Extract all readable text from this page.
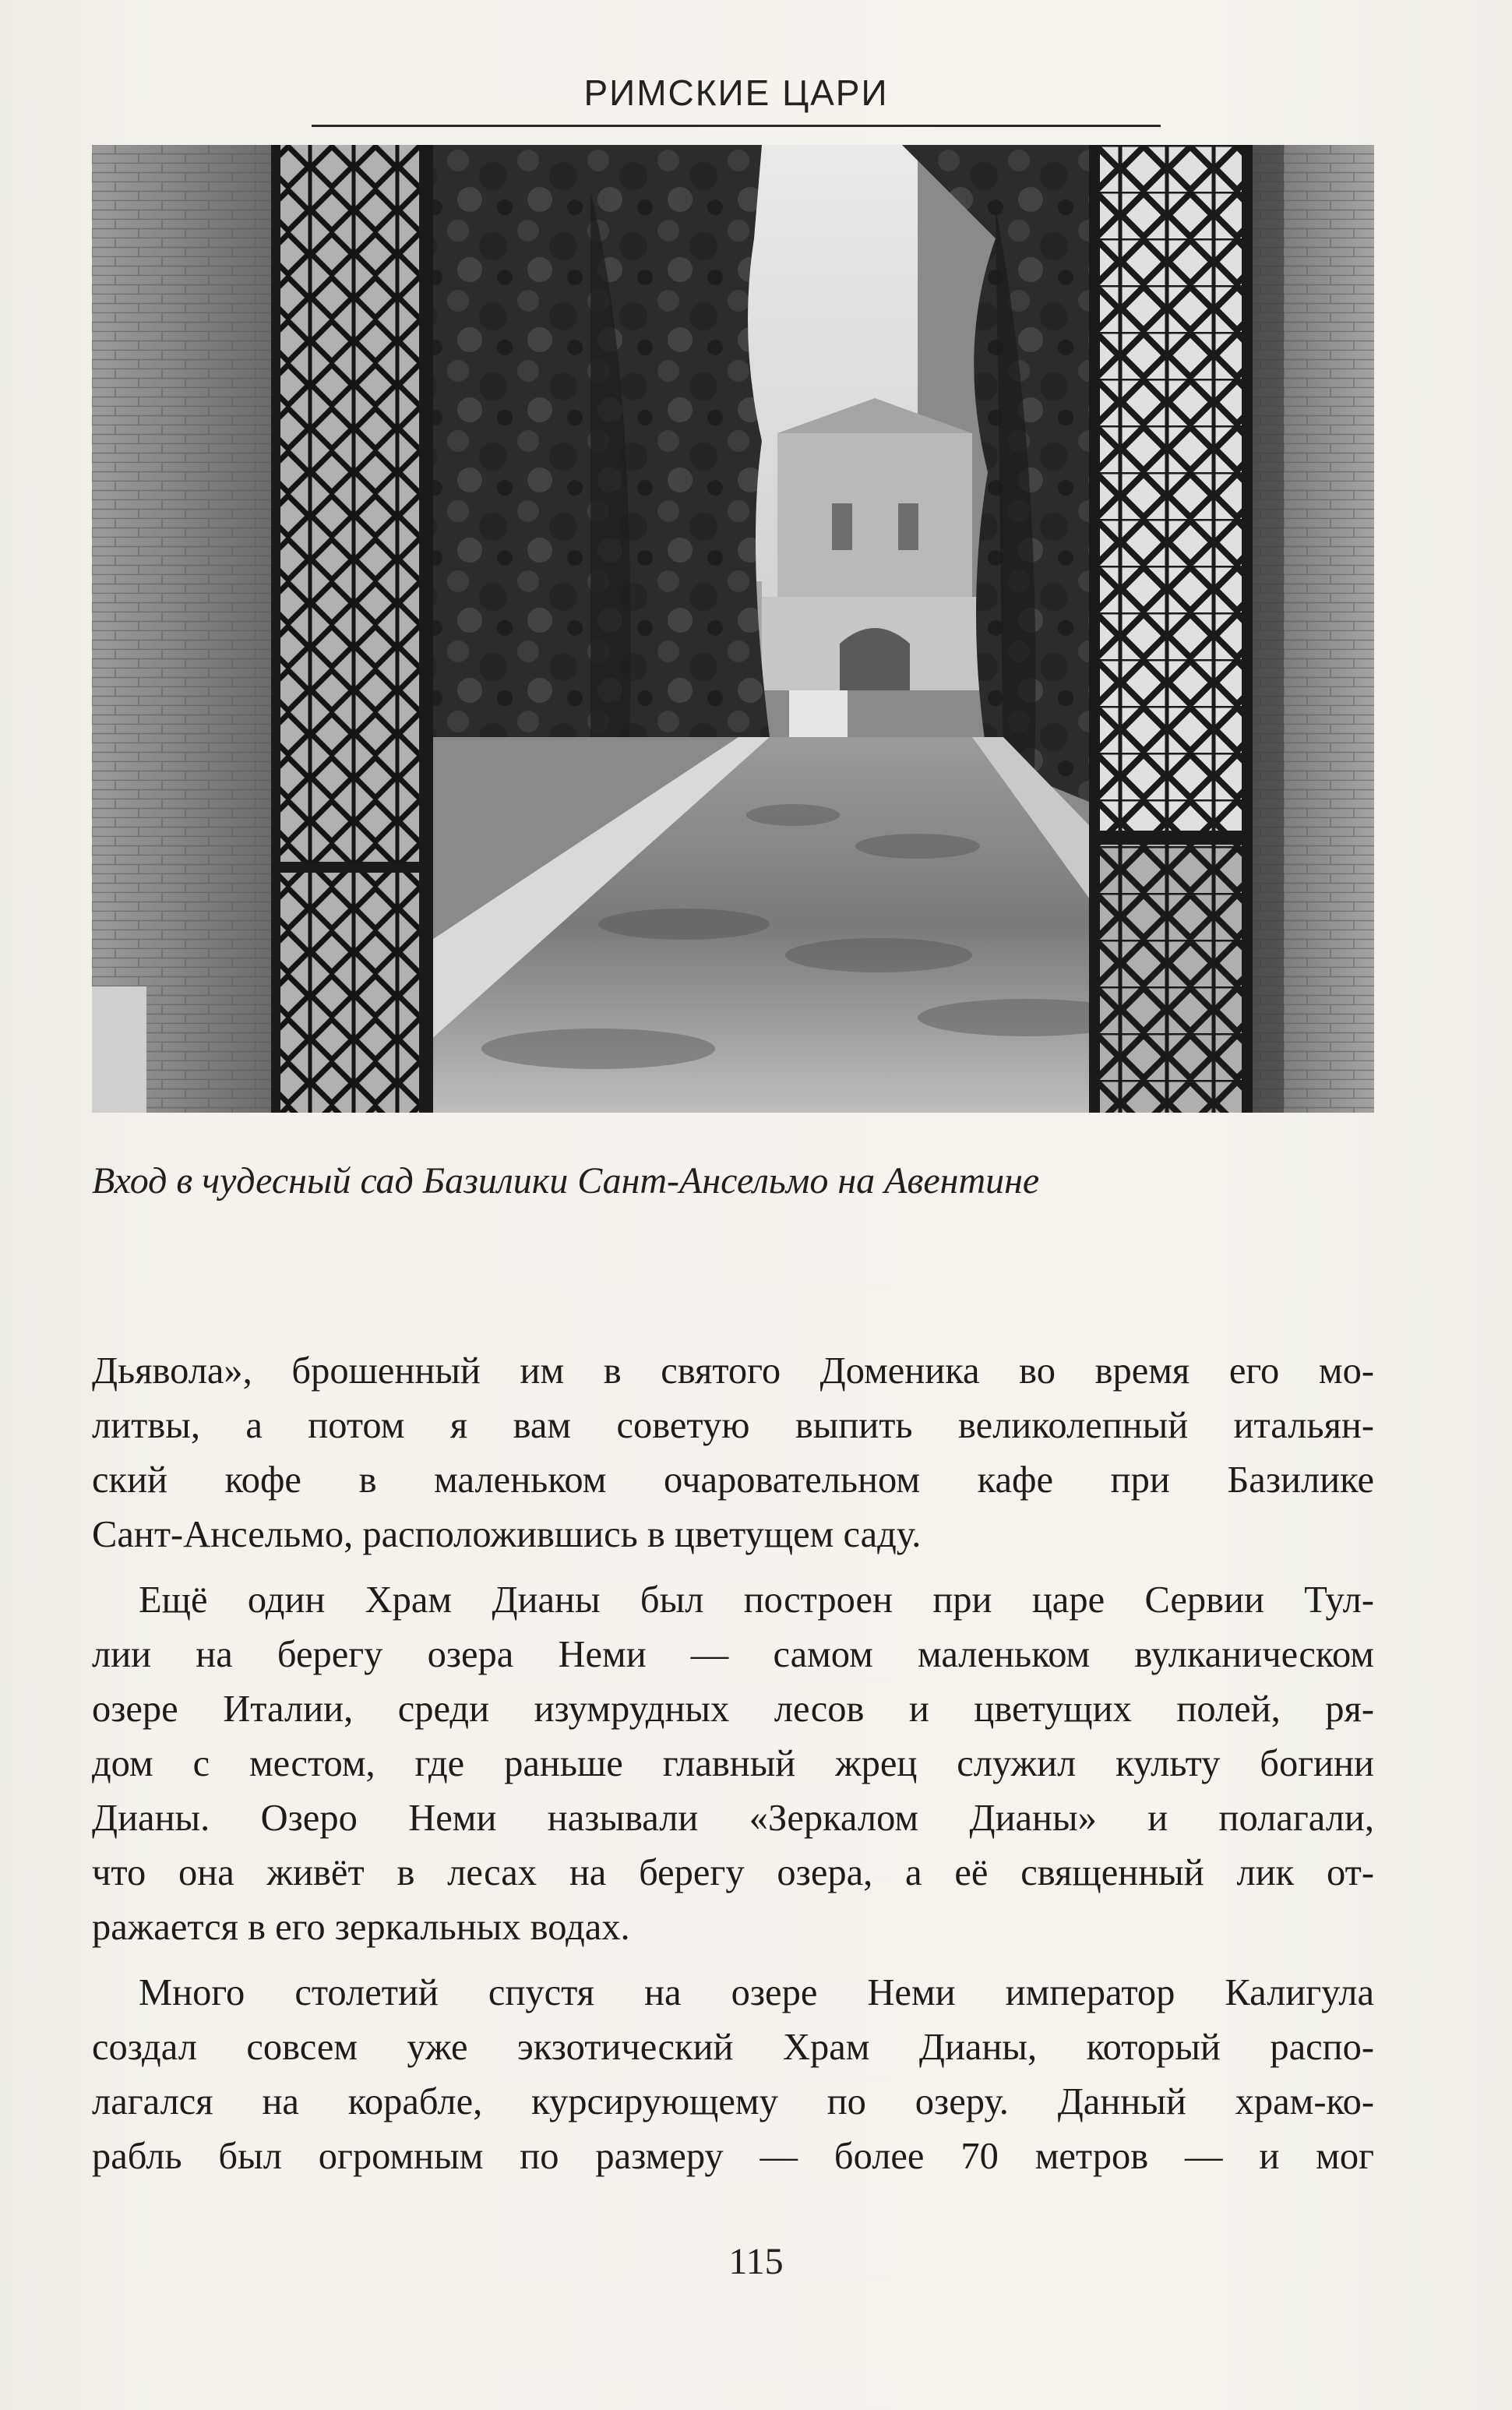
РИМСКИЕ ЦАРИ
Вход в чудесный сад Базилики Сант-Ансельмо на Авентине
Дьявола», брошенный им в святого Доменика во время его мо-
литвы, а потом я вам советую выпить великолепный итальян-
ский кофе в маленьком очаровательном кафе при Базилике
Сант-Ансельмо, расположившись в цветущем саду.
Ещё один Храм Дианы был построен при царе Сервии Тул-
лии на берегу озера Неми — самом маленьком вулканическом
озере Италии, среди изумрудных лесов и цветущих полей, ря-
дом с местом, где раньше главный жрец служил культу богини
Дианы. Озеро Неми называли «Зеркалом Дианы» и полагали,
что она живёт в лесах на берегу озера, а её священный лик от-
ражается в его зеркальных водах.
Много столетий спустя на озере Неми император Калигула
создал совсем уже экзотический Храм Дианы, который распо-
лагался на корабле, курсирующему по озеру. Данный храм-ко-
рабль был огромным по размеру — более 70 метров — и мог
115
